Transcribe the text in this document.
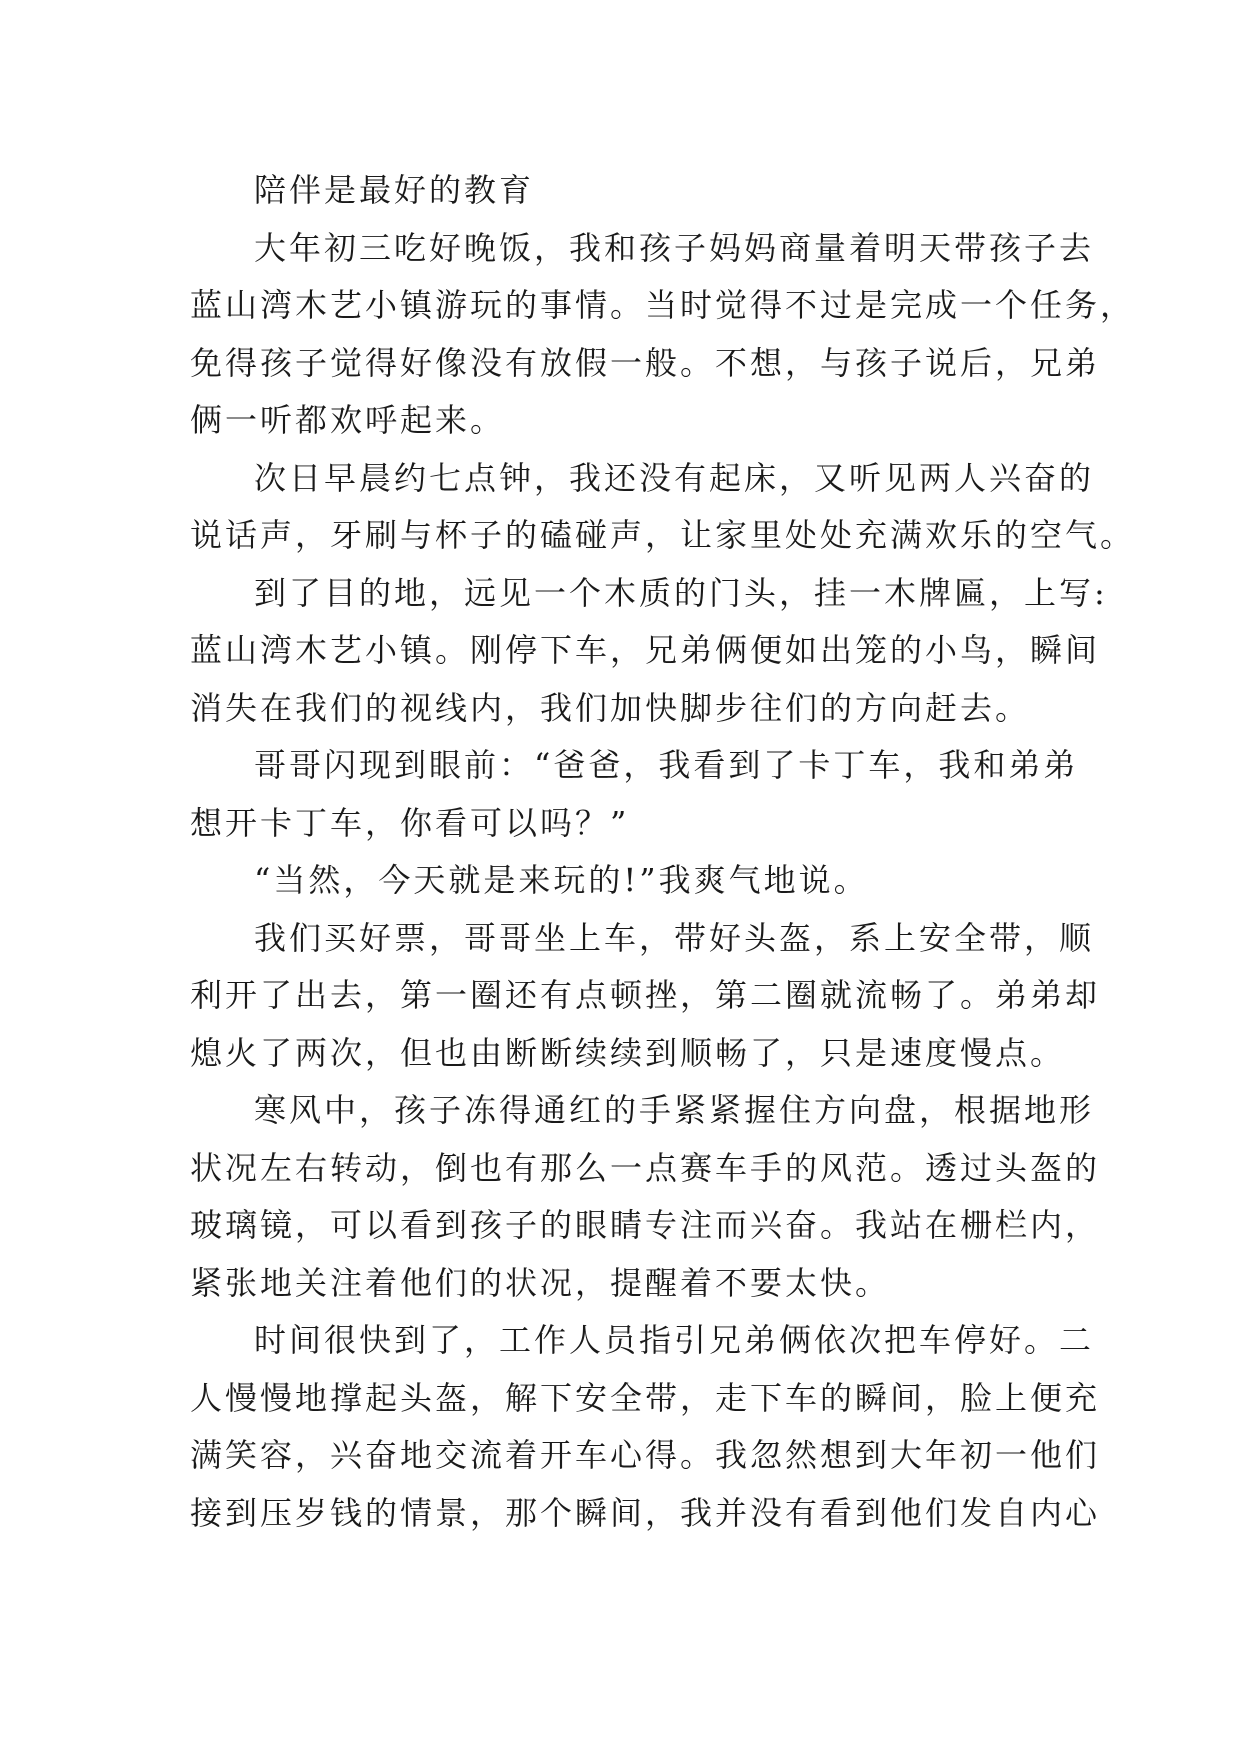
陪伴是最好的教育
大年初三吃好晚饭，我和孩子妈妈商量着明天带孩子去
蓝山湾木艺小镇游玩的事情。当时觉得不过是完成一个任务，
免得孩子觉得好像没有放假一般。不想，与孩子说后，兄弟
俩一听都欢呼起来。
次日早晨约七点钟，我还没有起床，又听见两人兴奋的
说话声，牙刷与杯子的磕碰声，让家里处处充满欢乐的空气。
到了目的地，远见一个木质的门头，挂一木牌匾，上写:
蓝山湾木艺小镇。刚停下车，兄弟俩便如出笼的小鸟，瞬间
消失在我们的视线内，我们加快脚步往们的方向赶去。
哥哥闪现到眼前：“爸爸，我看到了卡丁车，我和弟弟
想开卡丁车，你看可以吗？”
“当然，今天就是来玩的!”我爽气地说。
我们买好票，哥哥坐上车，带好头盔，系上安全带，顺
利开了出去，第一圈还有点顿挫，第二圈就流畅了。弟弟却
熄火了两次，但也由断断续续到顺畅了，只是速度慢点。
寒风中，孩子冻得通红的手紧紧握住方向盘，根据地形
状况左右转动，倒也有那么一点赛车手的风范。透过头盔的
玻璃镜，可以看到孩子的眼睛专注而兴奋。我站在栅栏内，
紧张地关注着他们的状况，提醒着不要太快。
时间很快到了，工作人员指引兄弟俩依次把车停好。二
人慢慢地撑起头盔，解下安全带，走下车的瞬间，脸上便充
满笑容，兴奋地交流着开车心得。我忽然想到大年初一他们
接到压岁钱的情景，那个瞬间，我并没有看到他们发自内心
